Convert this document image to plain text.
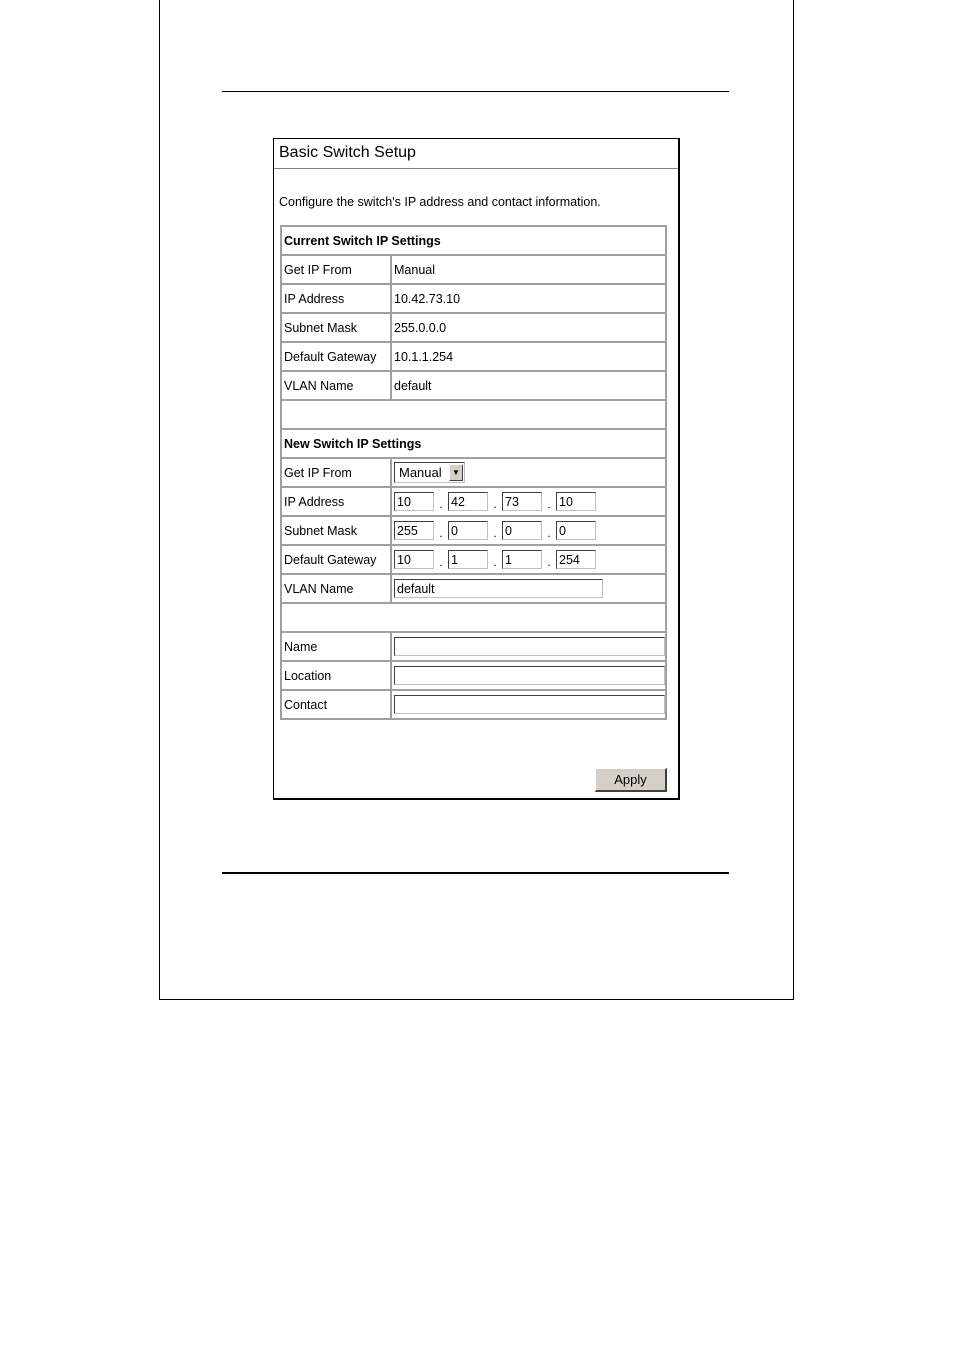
Basic Switch Setup
Configure the switch's IP address and contact information.
Current Switch IP Settings	
Get IP From	Manual
IP Address	10.42.73.10
Subnet Mask	255.0.0.0
Default Gateway	10.1.1.254
VLAN Name	default

New Switch IP Settings	
Get IP From	Manual ▼

IP Address	10.42 .73 .10
Subnet Mask	255.0 .0 .0
Default Gateway	10.1 .1 .254
VLAN Name	default

Name	
Location	
Contact	
Apply
